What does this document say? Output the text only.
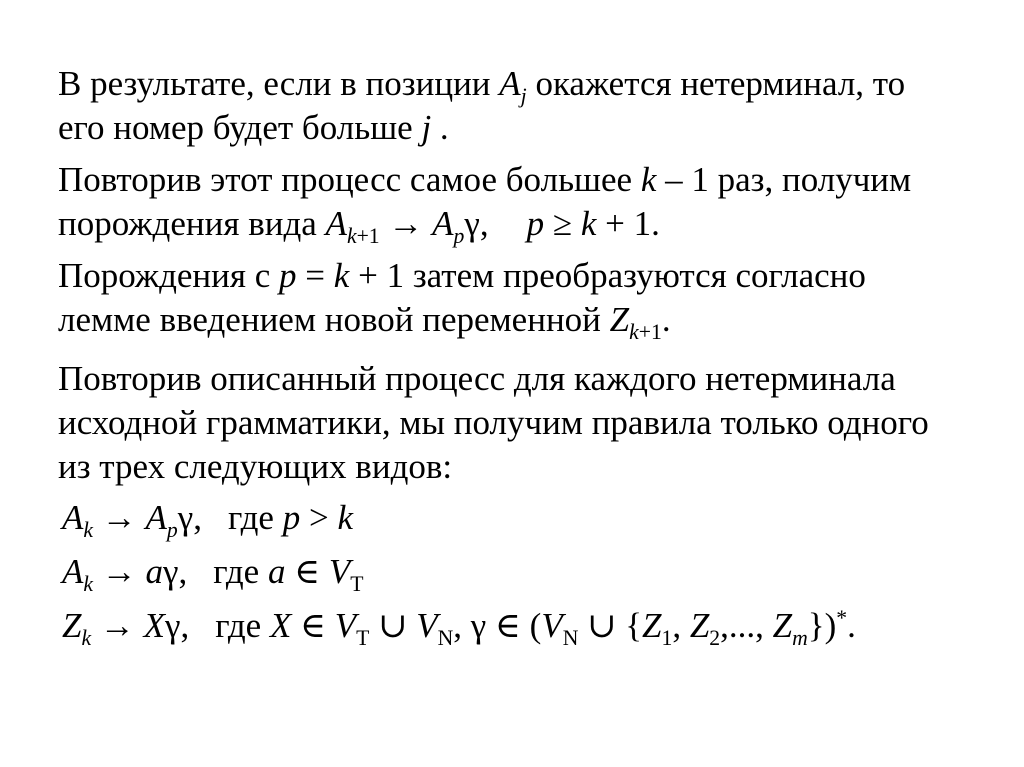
В результате, если в позиции $A_j$ окажется нетерминал, то
его номер будет больше j .
Повторив этот процесс самое большее k – 1 раз, получим
порождения вида $A_{k+1} \to A_p\gamma$, p ≥ k + 1.
Порождения с p = k + 1 затем преобразуются согласно
лемме введением новой переменной $Z_{k+1}$.
Повторив описанный процесс для каждого нетерминала
исходной грамматики, мы получим правила только одного
из трех следующих видов:
$A_k \to A_p\gamma$, где p > k
$A_k \to a\gamma$, где a ∈ $V_T$
$Z_k \to X\gamma$, где X ∈ $V_T$ ∪ $V_N$, γ ∈ ($V_N$ ∪ {$Z_1$, $Z_2$,..., $Z_m\})^*$.
